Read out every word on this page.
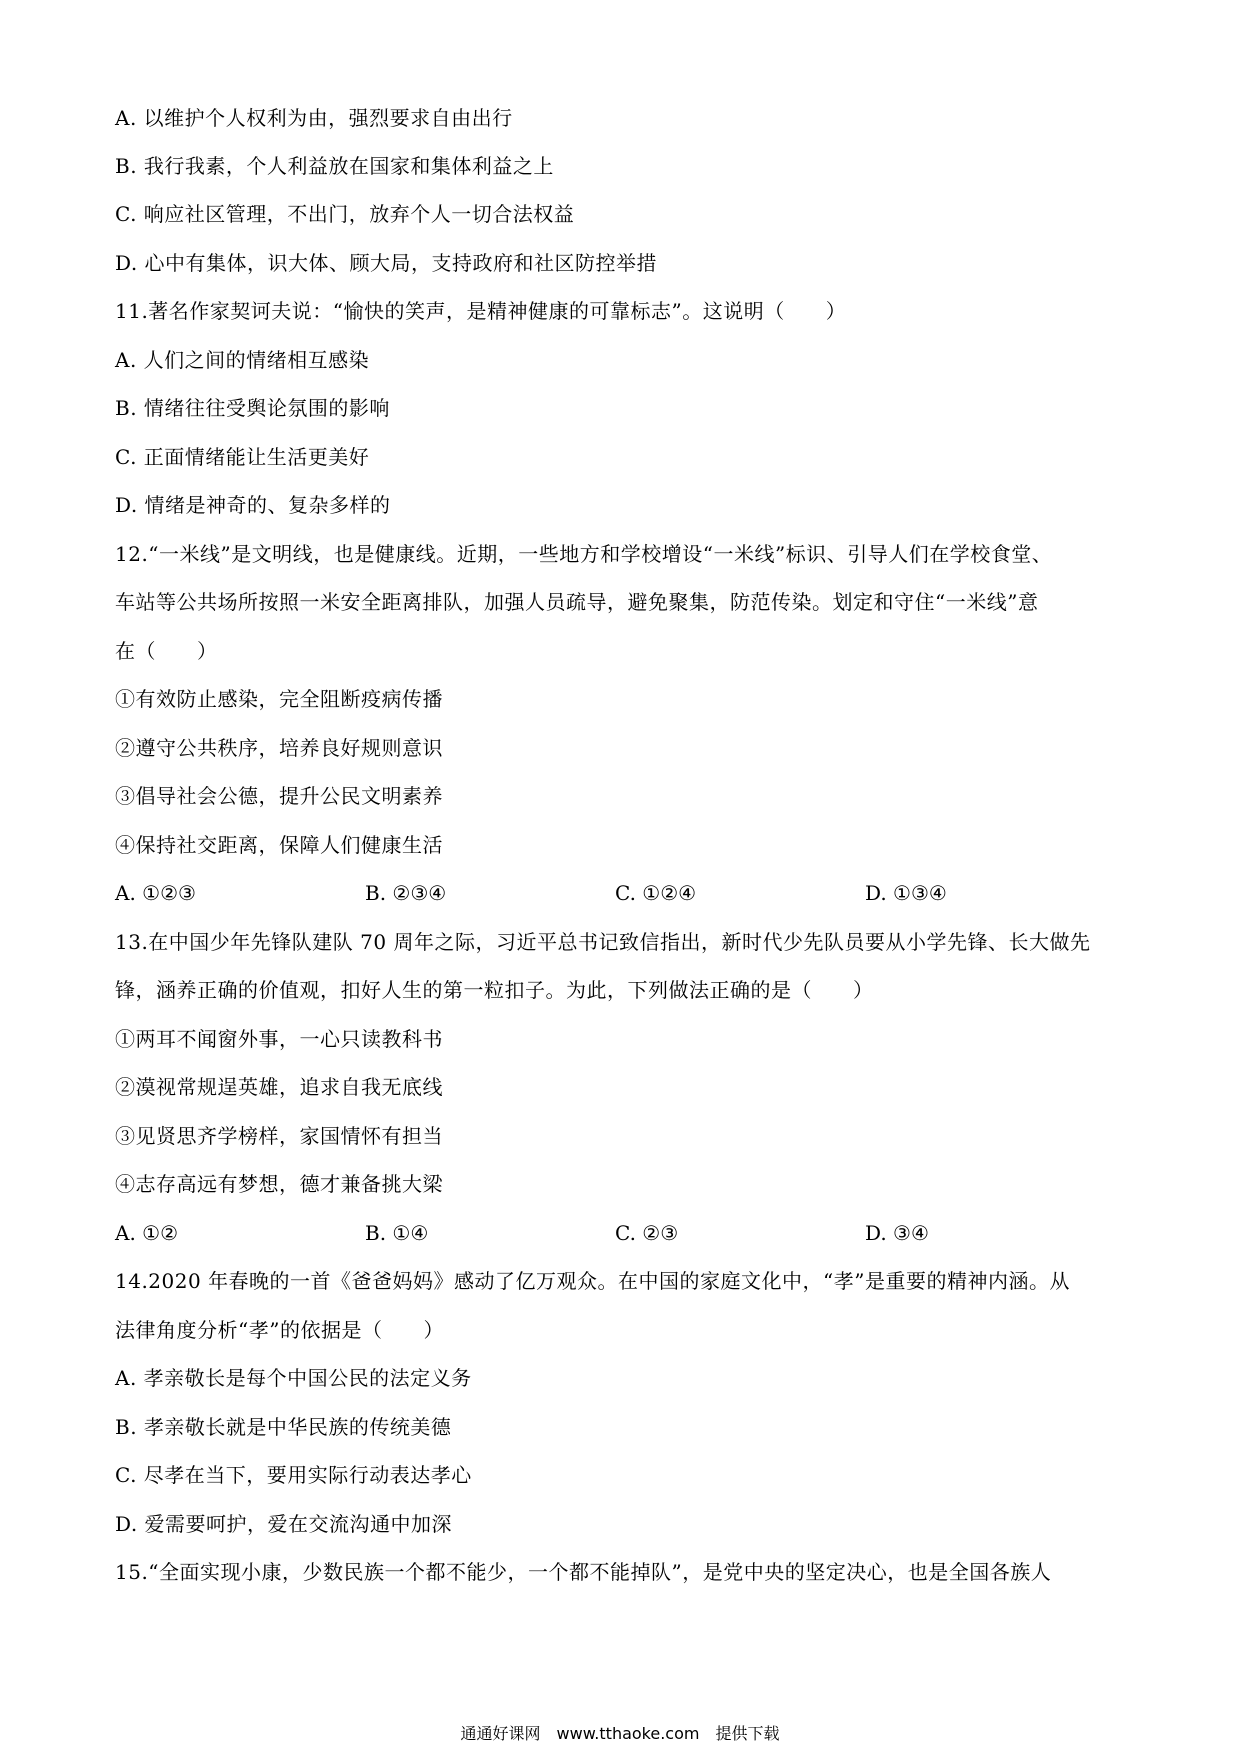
A. 以维护个人权利为由，强烈要求自由出行
B. 我行我素，个人利益放在国家和集体利益之上
C. 响应社区管理，不出门，放弃个人一切合法权益
D. 心中有集体，识大体、顾大局，支持政府和社区防控举措
11.著名作家契诃夫说：“愉快的笑声，是精神健康的可靠标志”。这说明（　　）
A. 人们之间的情绪相互感染
B. 情绪往往受舆论氛围的影响
C. 正面情绪能让生活更美好
D. 情绪是神奇的、复杂多样的
12.“一米线”是文明线，也是健康线。近期，一些地方和学校增设“一米线”标识、引导人们在学校食堂、
车站等公共场所按照一米安全距离排队，加强人员疏导，避免聚集，防范传染。划定和守住“一米线”意
在（　　）
①有效防止感染，完全阻断疫病传播
②遵守公共秩序，培养良好规则意识
③倡导社会公德，提升公民文明素养
④保持社交距离，保障人们健康生活
A. ①②③	B. ②③④	C. ①②④	D. ①③④
13.在中国少年先锋队建队 70 周年之际，习近平总书记致信指出，新时代少先队员要从小学先锋、长大做先
锋，涵养正确的价值观，扣好人生的第一粒扣子。为此，下列做法正确的是（　　）
①两耳不闻窗外事，一心只读教科书
②漠视常规逞英雄，追求自我无底线
③见贤思齐学榜样，家国情怀有担当
④志存高远有梦想，德才兼备挑大梁
A. ①②	B. ①④	C. ②③	D. ③④
14.2020 年春晚的一首《爸爸妈妈》感动了亿万观众。在中国的家庭文化中，“孝”是重要的精神内涵。从
法律角度分析“孝”的依据是（　　）
A. 孝亲敬长是每个中国公民的法定义务
B. 孝亲敬长就是中华民族的传统美德
C. 尽孝在当下，要用实际行动表达孝心
D. 爱需要呵护，爱在交流沟通中加深
15.“全面实现小康，少数民族一个都不能少，一个都不能掉队”，是党中央的坚定决心，也是全国各族人
通通好课网　www.tthaoke.com　提供下载
